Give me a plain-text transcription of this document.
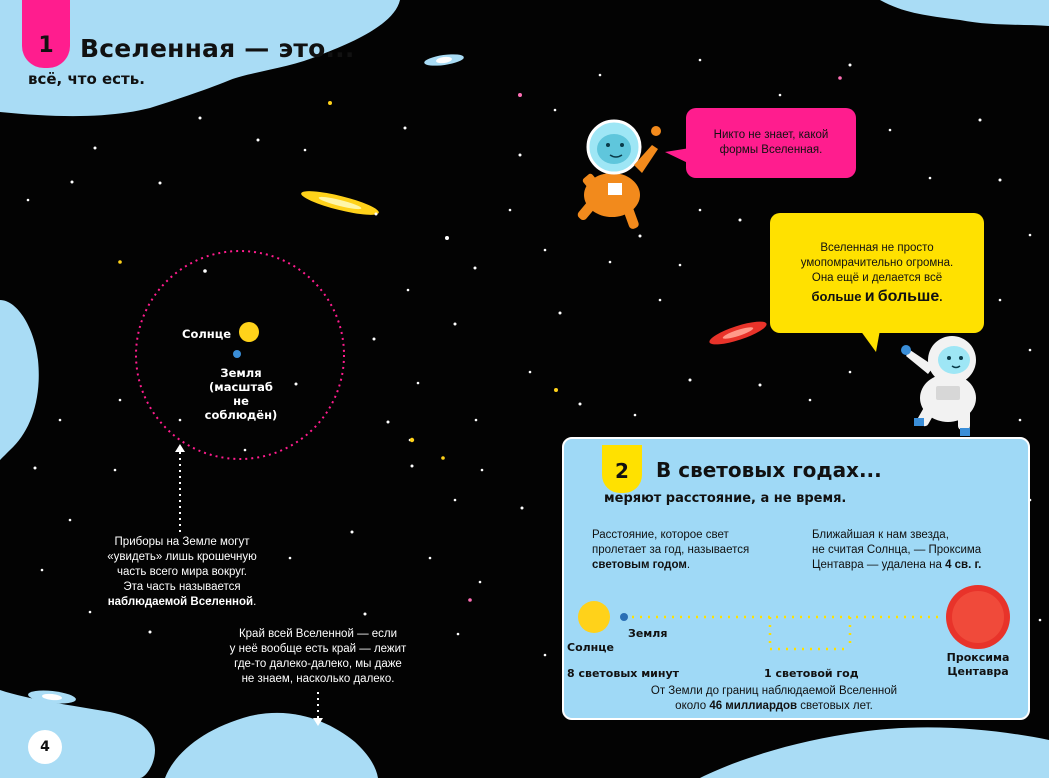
1	Вселенная — это...
всё, что есть.
Солнце
Земля
(масштаб
не соблюдён)
Приборы на Земле могут
«увидеть» лишь крошечную
часть всего мира вокруг.
Эта часть называется
наблюдаемой Вселенной.
Край всей Вселенной — если
у неё вообще есть край — лежит
где-то далеко-далеко, мы даже
не знаем, насколько далеко.
Никто не знает, какой
формы Вселенная.
Вселенная не просто
умопомрачительно огромна.
Она ещё и делается всё
больше и больше.
2	В световых годах...
меряют расстояние, а не время.
Расстояние, которое свет
пролетает за год, называется
световым годом.
Ближайшая к нам звезда,
не считая Солнца, — Проксима
Центавра — удалена на 4 св. г.
Солнце
Земля
8 световых минут	1 световой год
Проксима
Центавра
От Земли до границ наблюдаемой Вселенной
около 46 миллиардов световых лет.
4
